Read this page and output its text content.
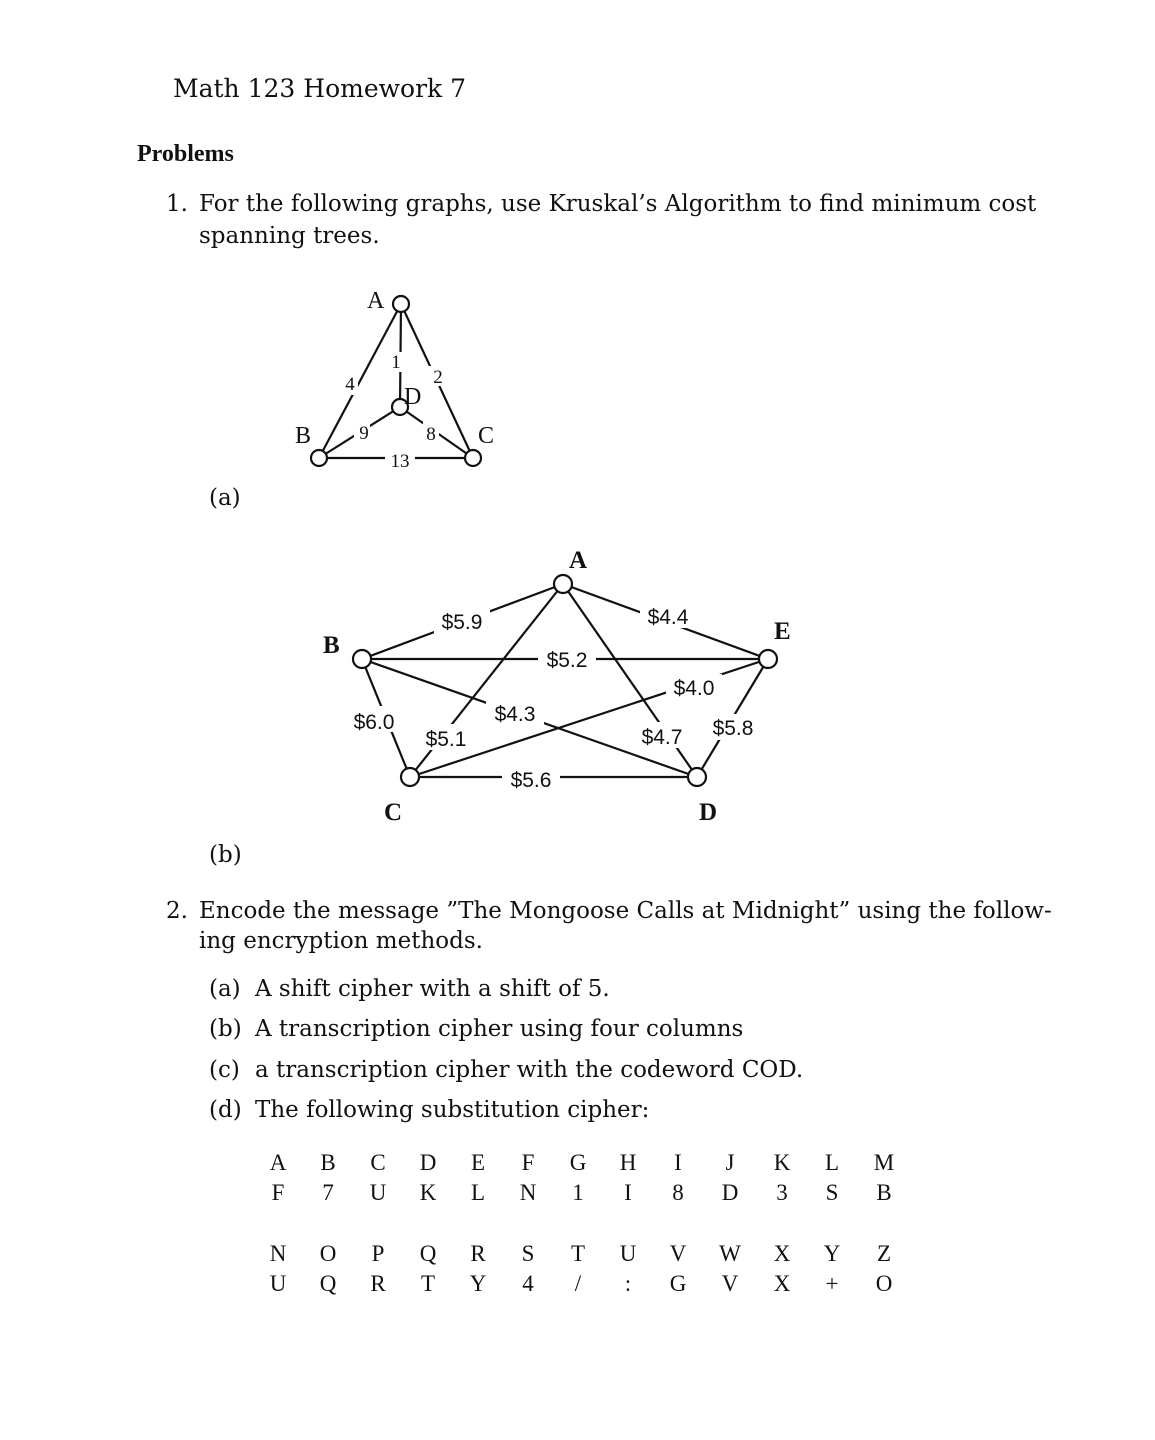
Math 123 Homework 7
Problems
1. For the following graphs, use Kruskal’s Algorithm to find minimum cost
spanning trees.
(a)
(b)
1
2
4
9	8
13
A
B	C
D
$5.9	$4.4
$5.2
$4.0
$6.0
$5.1
$4.3
$4.7 $5.8
$5.6
A
B
C	D
E
2. Encode the message ”The Mongoose Calls at Midnight” using the follow-
ing encryption methods.
(a) A shift cipher with a shift of 5.
(b) A transcription cipher using four columns
(c) a transcription cipher with the codeword COD.
(d) The following substitution cipher:
A	B	C	D	E	F	G	H	I	J	K	L	M
F	7	U	K	L	N	1	I	8	D	3	S	B
N	O	P	Q	R	S	T	U	V	W	X	Y	Z
U	Q	R	T	Y	4	/	:	G	V	X	+	O
